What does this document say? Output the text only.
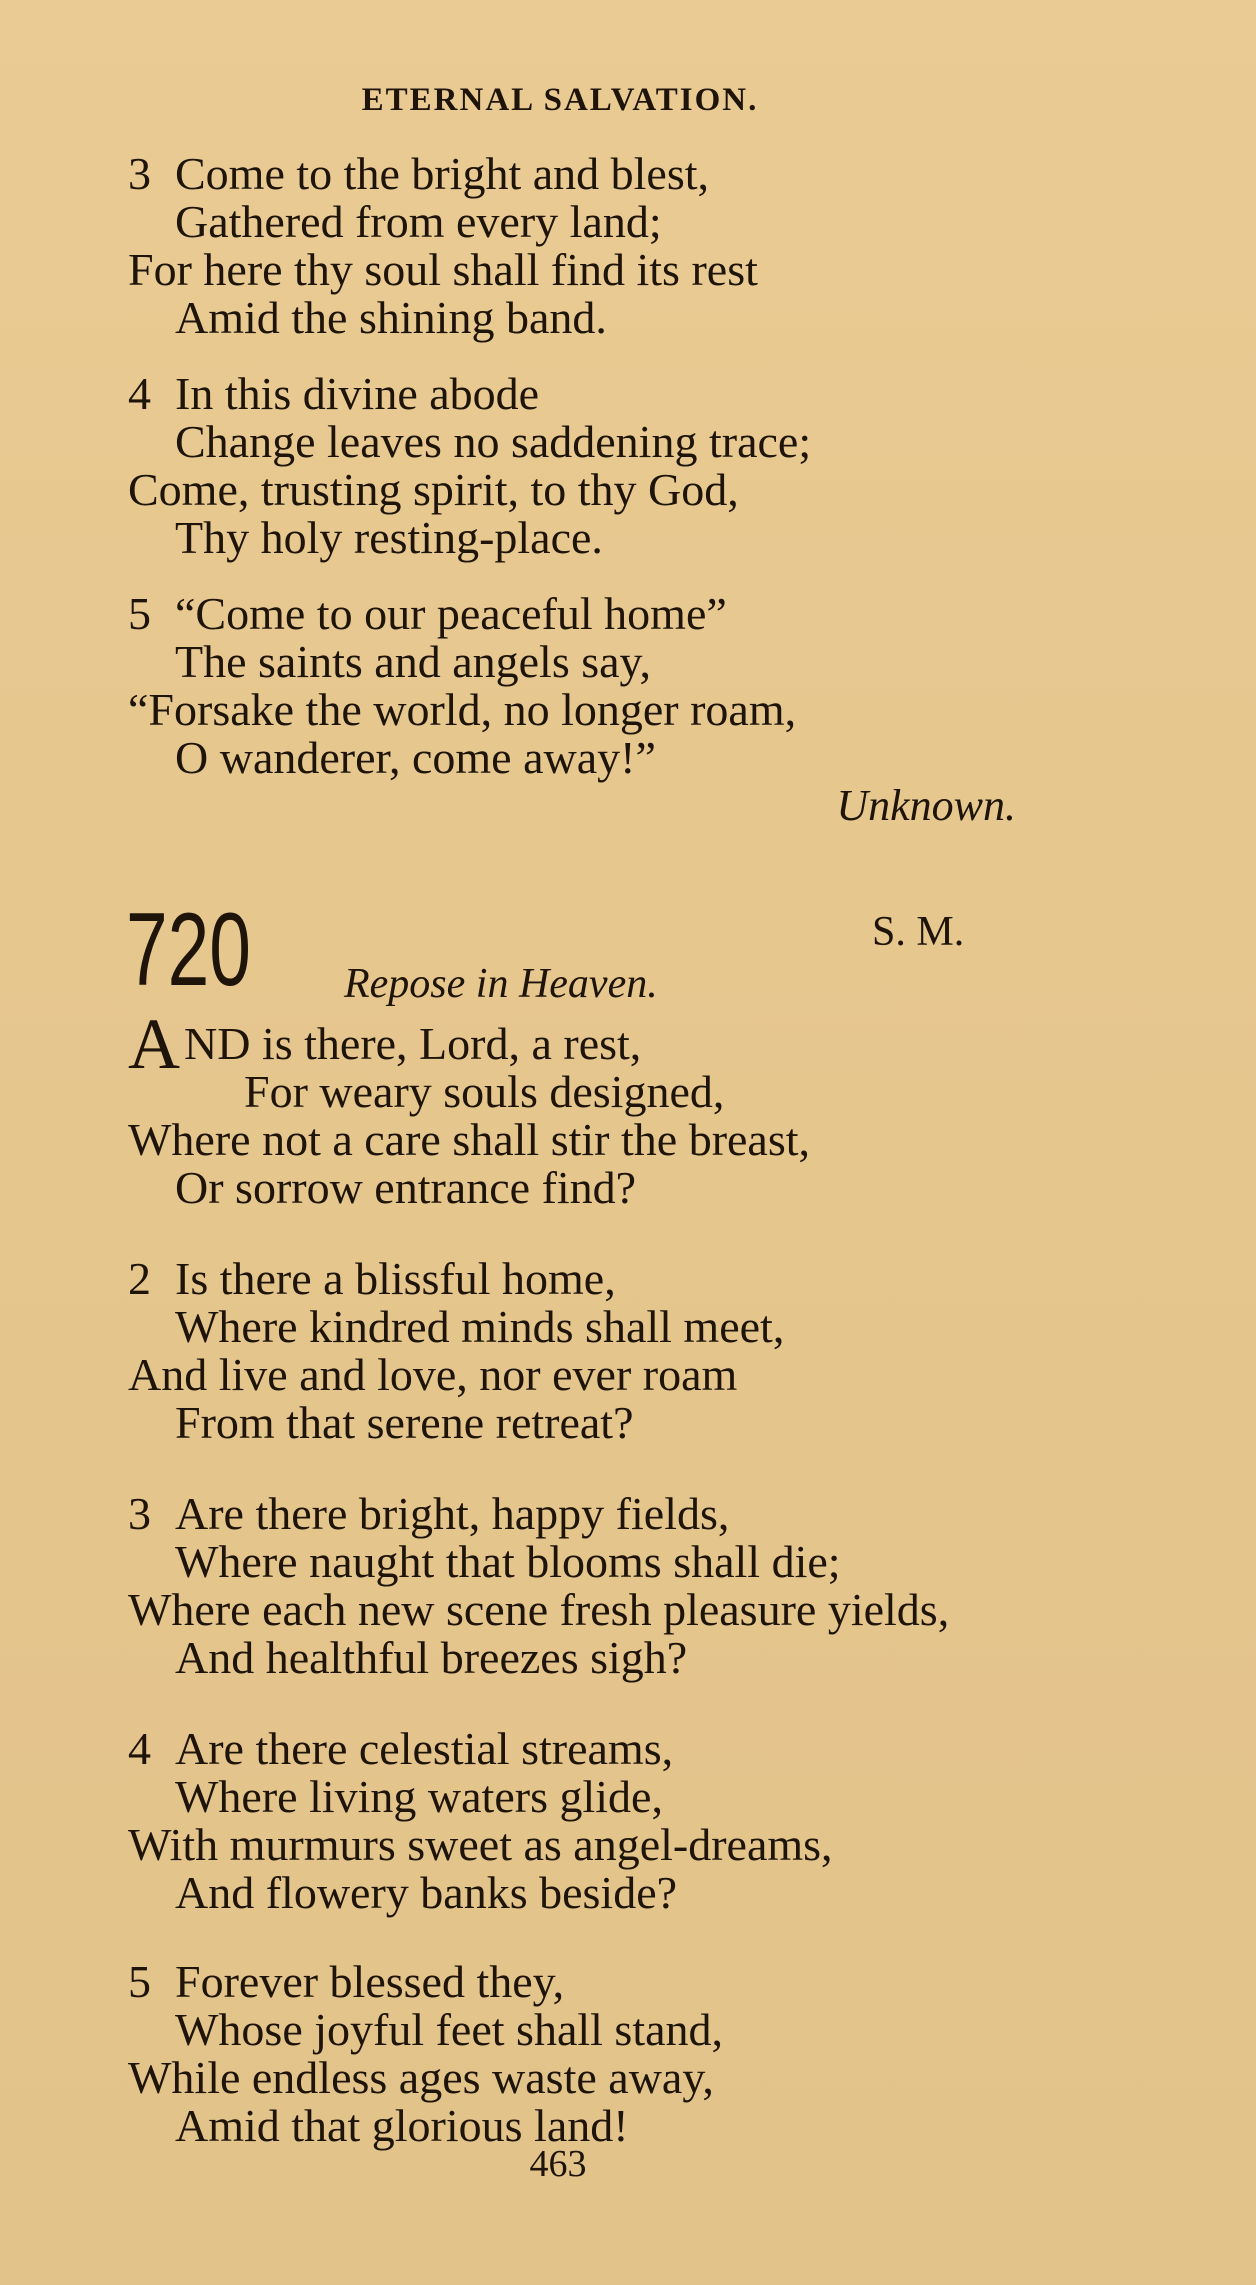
ETERNAL SALVATION.
3 Come to the bright and blest,
Gathered from every land;
For here thy soul shall find its rest
Amid the shining band.
4 In this divine abode
Change leaves no saddening trace;
Come, trusting spirit, to thy God,
Thy holy resting-place.
5 “Come to our peaceful home”
The saints and angels say,
“Forsake the world, no longer roam,
O wanderer, come away!”
Unknown.
720	S. M.
Repose in Heaven.
AND is there, Lord, a rest,
For weary souls designed,
Where not a care shall stir the breast,
Or sorrow entrance find?
2 Is there a blissful home,
Where kindred minds shall meet,
And live and love, nor ever roam
From that serene retreat?
3 Are there bright, happy fields,
Where naught that blooms shall die;
Where each new scene fresh pleasure yields,
And healthful breezes sigh?
4 Are there celestial streams,
Where living waters glide,
With murmurs sweet as angel-dreams,
And flowery banks beside?
5 Forever blessed they,
Whose joyful feet shall stand,
While endless ages waste away,
Amid that glorious land!
463
